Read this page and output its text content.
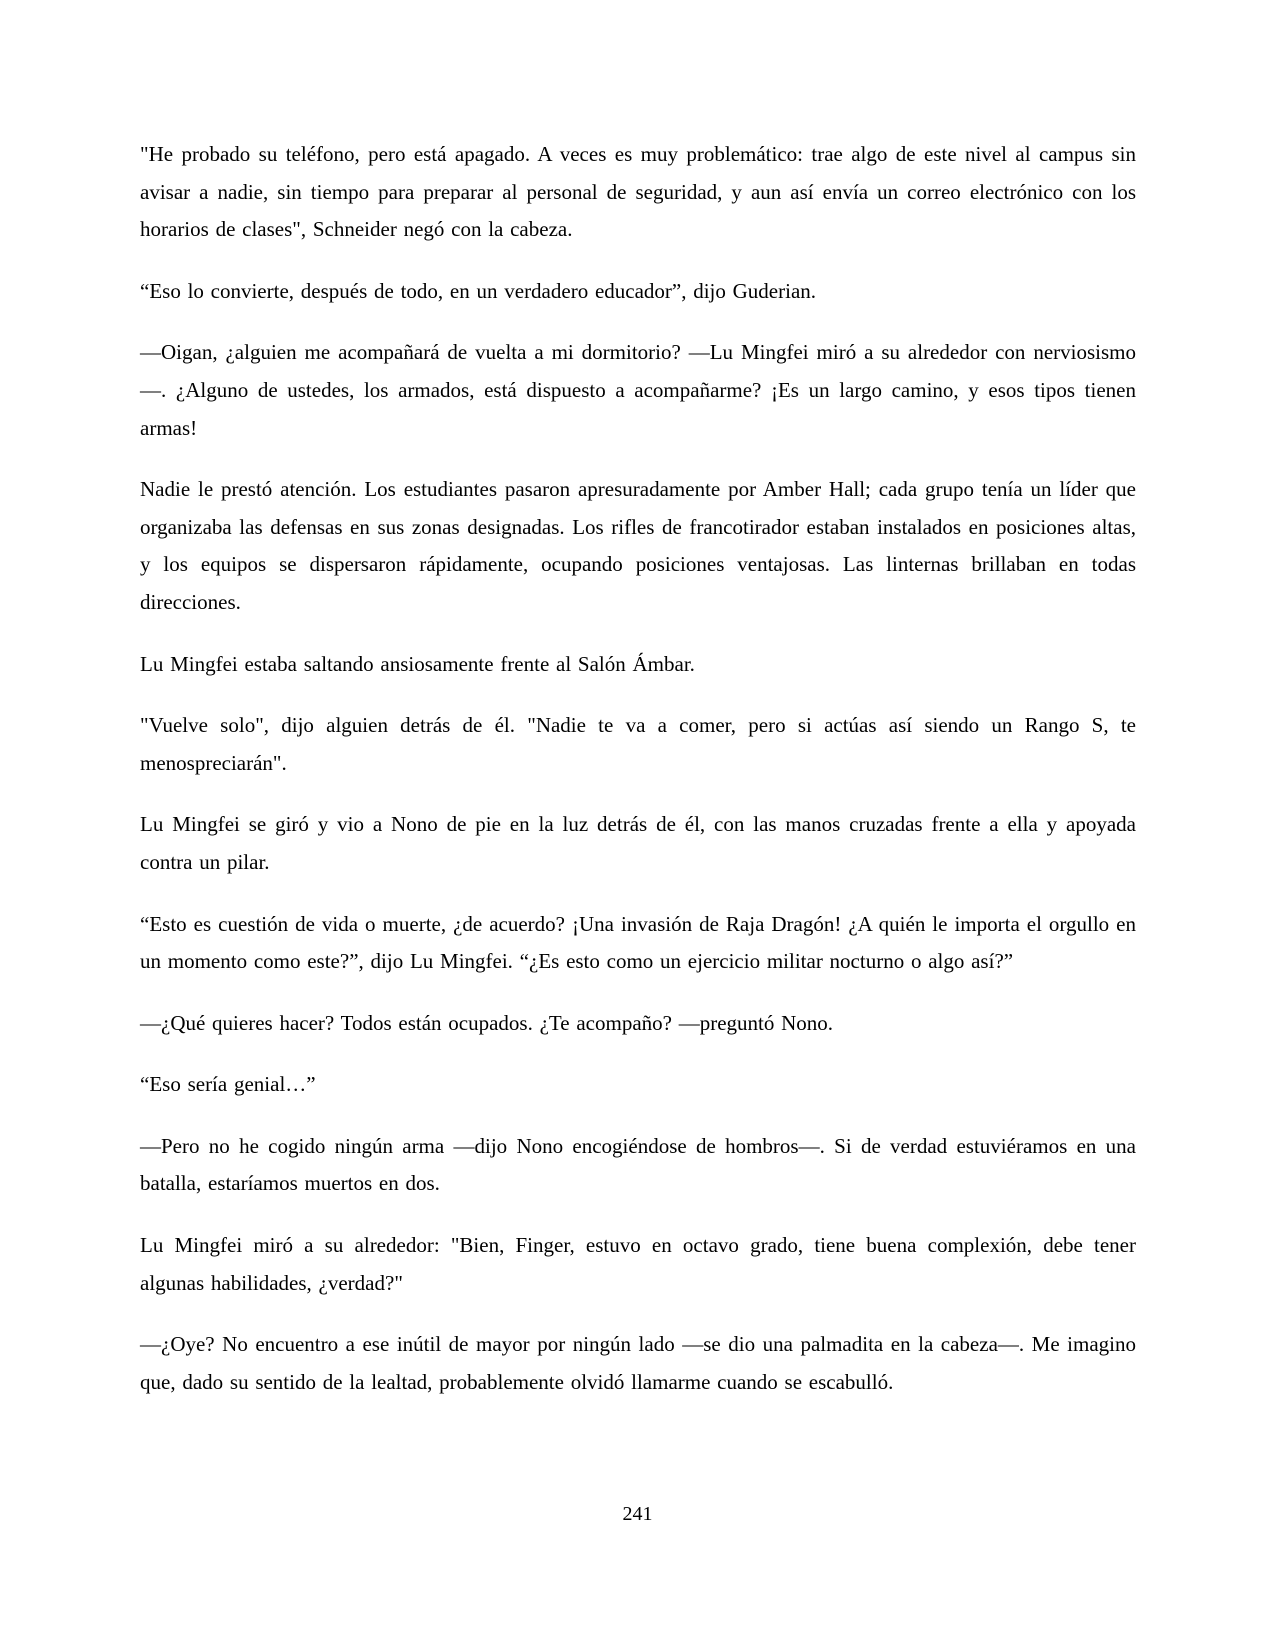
"He probado su teléfono, pero está apagado. A veces es muy problemático: trae algo de este nivel al campus sin avisar a nadie, sin tiempo para preparar al personal de seguridad, y aun así envía un correo electrónico con los horarios de clases", Schneider negó con la cabeza.

“Eso lo convierte, después de todo, en un verdadero educador”, dijo Guderian.

—Oigan, ¿alguien me acompañará de vuelta a mi dormitorio? —Lu Mingfei miró a su alrededor con nerviosismo—. ¿Alguno de ustedes, los armados, está dispuesto a acompañarme? ¡Es un largo camino, y esos tipos tienen armas!

Nadie le prestó atención. Los estudiantes pasaron apresuradamente por Amber Hall; cada grupo tenía un líder que organizaba las defensas en sus zonas designadas. Los rifles de francotirador estaban instalados en posiciones altas, y los equipos se dispersaron rápidamente, ocupando posiciones ventajosas. Las linternas brillaban en todas direcciones.

Lu Mingfei estaba saltando ansiosamente frente al Salón Ámbar.

"Vuelve solo", dijo alguien detrás de él. "Nadie te va a comer, pero si actúas así siendo un Rango S, te menospreciarán".

Lu Mingfei se giró y vio a Nono de pie en la luz detrás de él, con las manos cruzadas frente a ella y apoyada contra un pilar.

“Esto es cuestión de vida o muerte, ¿de acuerdo? ¡Una invasión de Raja Dragón! ¿A quién le importa el orgullo en un momento como este?”, dijo Lu Mingfei. “¿Es esto como un ejercicio militar nocturno o algo así?”

—¿Qué quieres hacer? Todos están ocupados. ¿Te acompaño? —preguntó Nono.

“Eso sería genial…”

—Pero no he cogido ningún arma —dijo Nono encogiéndose de hombros—. Si de verdad estuviéramos en una batalla, estaríamos muertos en dos.

Lu Mingfei miró a su alrededor: "Bien, Finger, estuvo en octavo grado, tiene buena complexión, debe tener algunas habilidades, ¿verdad?"

—¿Oye? No encuentro a ese inútil de mayor por ningún lado —se dio una palmadita en la cabeza—. Me imagino que, dado su sentido de la lealtad, probablemente olvidó llamarme cuando se escabulló.

241
